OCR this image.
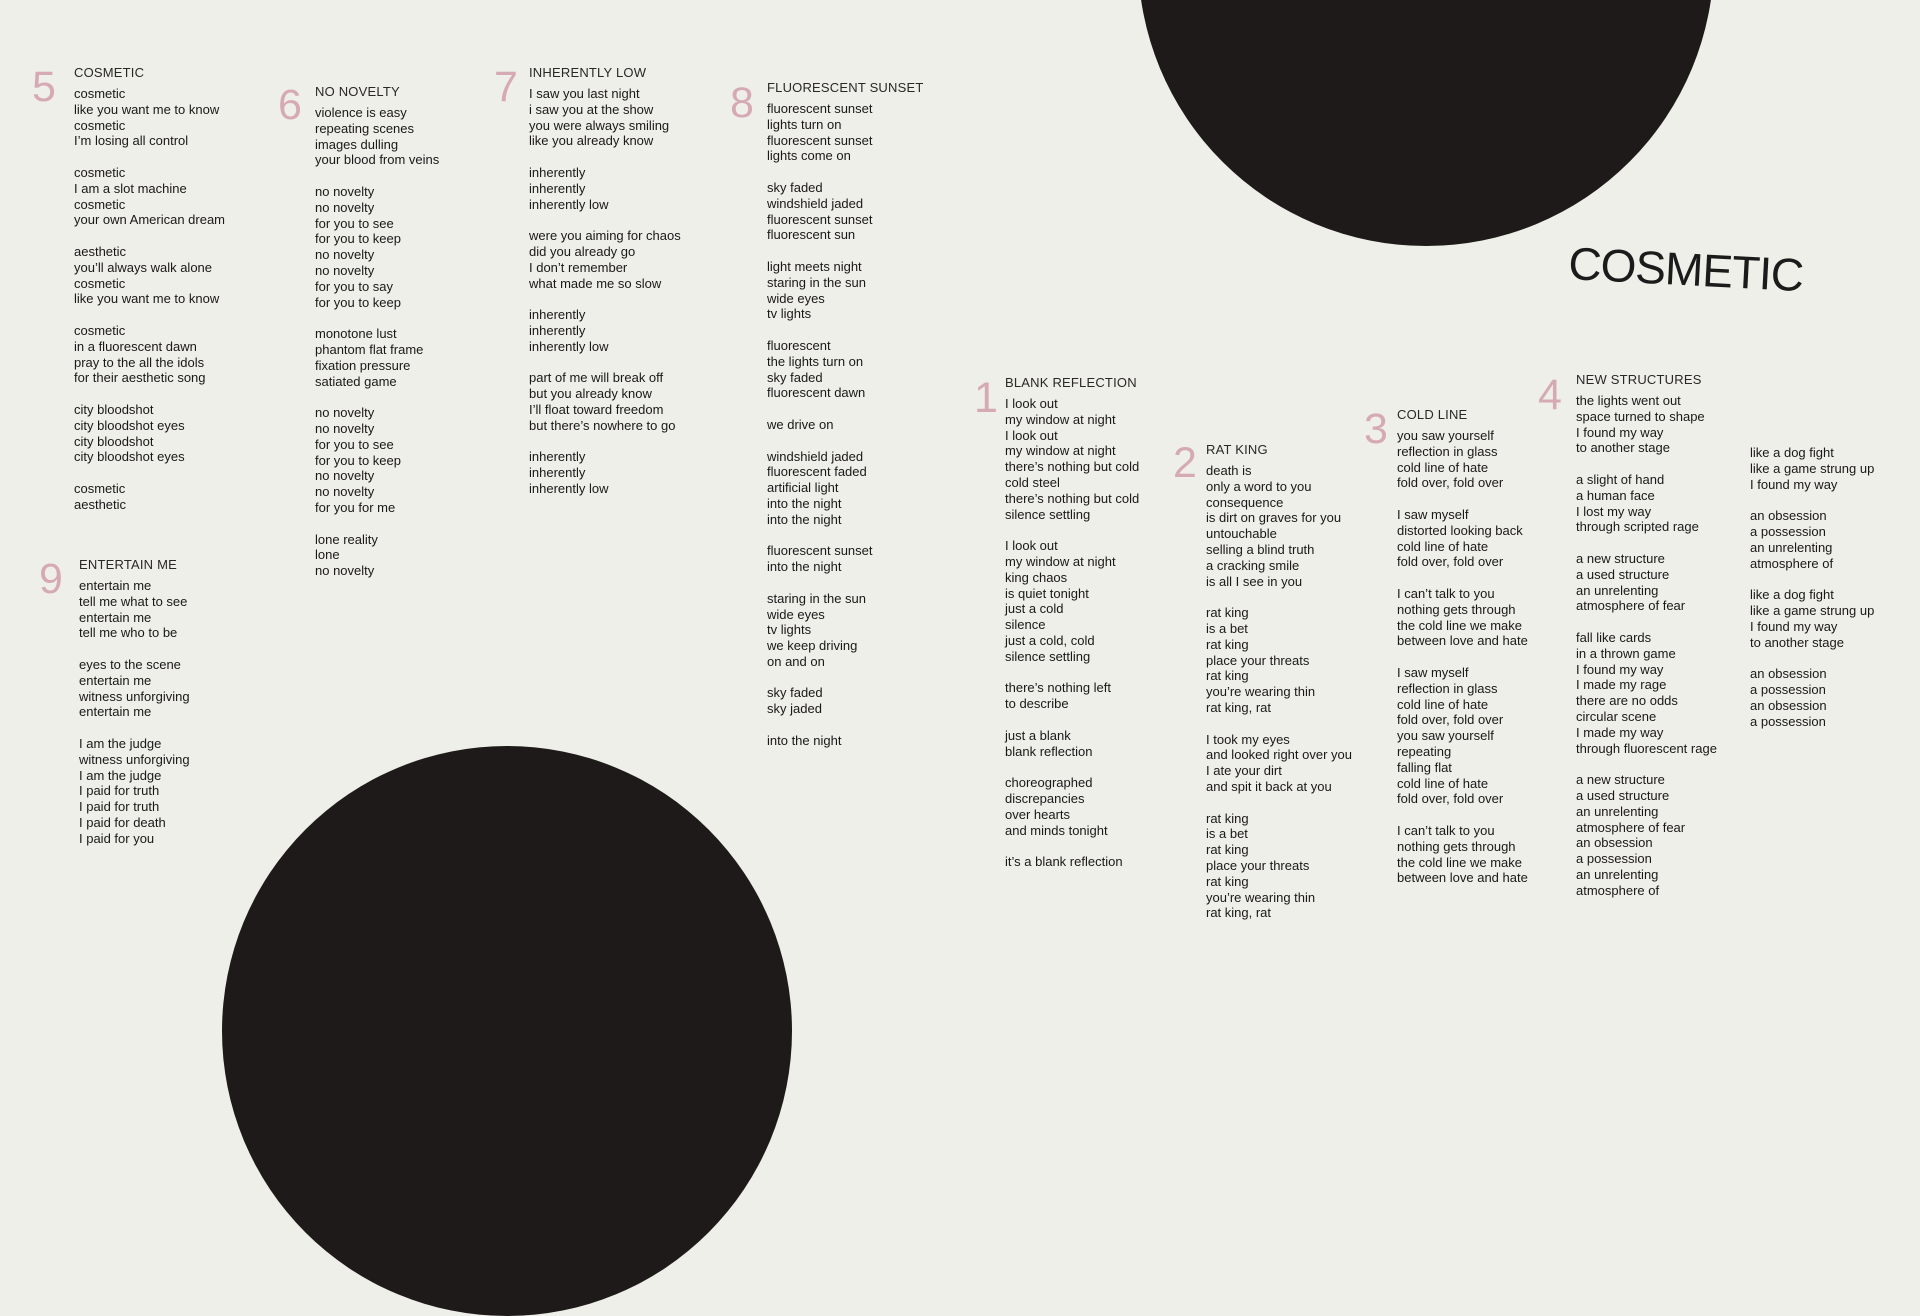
COSMETIC
5 COSMETIC
cosmetic
like you want me to know
cosmetic
I’m losing all control

cosmetic
I am a slot machine
cosmetic
your own American dream

aesthetic
you’ll always walk alone
cosmetic
like you want me to know

cosmetic
in a fluorescent dawn
pray to the all the idols
for their aesthetic song

city bloodshot
city bloodshot eyes
city bloodshot
city bloodshot eyes

cosmetic
aesthetic
6 NO NOVELTY
violence is easy
repeating scenes
images dulling
your blood from veins

no novelty
no novelty
for you to see
for you to keep
no novelty
no novelty
for you to say
for you to keep

monotone lust
phantom flat frame
fixation pressure
satiated game

no novelty
no novelty
for you to see
for you to keep
no novelty
no novelty
for you for me

lone reality
lone
no novelty
7 INHERENTLY LOW
I saw you last night
i saw you at the show
you were always smiling
like you already know

inherently
inherently
inherently low

were you aiming for chaos
did you already go
I don’t remember
what made me so slow

inherently
inherently
inherently low

part of me will break off
but you already know
I’ll float toward freedom
but there’s nowhere to go

inherently
inherently
inherently low
8 FLUORESCENT SUNSET
fluorescent sunset
lights turn on
fluorescent sunset
lights come on

sky faded
windshield jaded
fluorescent sunset
fluorescent sun

light meets night
staring in the sun
wide eyes
tv lights

fluorescent
the lights turn on
sky faded
fluorescent dawn

we drive on

windshield jaded
fluorescent faded
artificial light
into the night
into the night

fluorescent sunset
into the night

staring in the sun
wide eyes
tv lights
we keep driving
on and on

sky faded
sky jaded

into the night
9 ENTERTAIN ME
entertain me
tell me what to see
entertain me
tell me who to be

eyes to the scene
entertain me
witness unforgiving
entertain me

I am the judge
witness unforgiving
I am the judge
I paid for truth
I paid for truth
I paid for death
I paid for you
1 BLANK REFLECTION
I look out
my window at night
I look out
my window at night
there’s nothing but cold
cold steel
there’s nothing but cold
silence settling

I look out
my window at night
king chaos
is quiet tonight
just a cold
silence
just a cold, cold
silence settling

there’s nothing left
to describe

just a blank
blank reflection

choreographed
discrepancies
over hearts
and minds tonight

it’s a blank reflection
2 RAT KING
death is
only a word to you
consequence
is dirt on graves for you
untouchable
selling a blind truth
a cracking smile
is all I see in you

rat king
is a bet
rat king
place your threats
rat king
you’re wearing thin
rat king, rat

I took my eyes
and looked right over you
I ate your dirt
and spit it back at you

rat king
is a bet
rat king
place your threats
rat king
you’re wearing thin
rat king, rat
3 COLD LINE
you saw yourself
reflection in glass
cold line of hate
fold over, fold over

I saw myself
distorted looking back
cold line of hate
fold over, fold over

I can’t talk to you
nothing gets through
the cold line we make
between love and hate

I saw myself
reflection in glass
cold line of hate
fold over, fold over
you saw yourself
repeating
falling flat
cold line of hate
fold over, fold over

I can’t talk to you
nothing gets through
the cold line we make
between love and hate
4 NEW STRUCTURES
the lights went out
space turned to shape
I found my way
to another stage

a slight of hand
a human face
I lost my way
through scripted rage

a new structure
a used structure
an unrelenting
atmosphere of fear

fall like cards
in a thrown game
I found my way
I made my rage
there are no odds
circular scene
I made my way
through fluorescent rage

a new structure
a used structure
an unrelenting
atmosphere of fear
an obsession
a possession
an unrelenting
atmosphere of
like a dog fight
like a game strung up
I found my way

an obsession
a possession
an unrelenting
atmosphere of

like a dog fight
like a game strung up
I found my way
to another stage

an obsession
a possession
an obsession
a possession
